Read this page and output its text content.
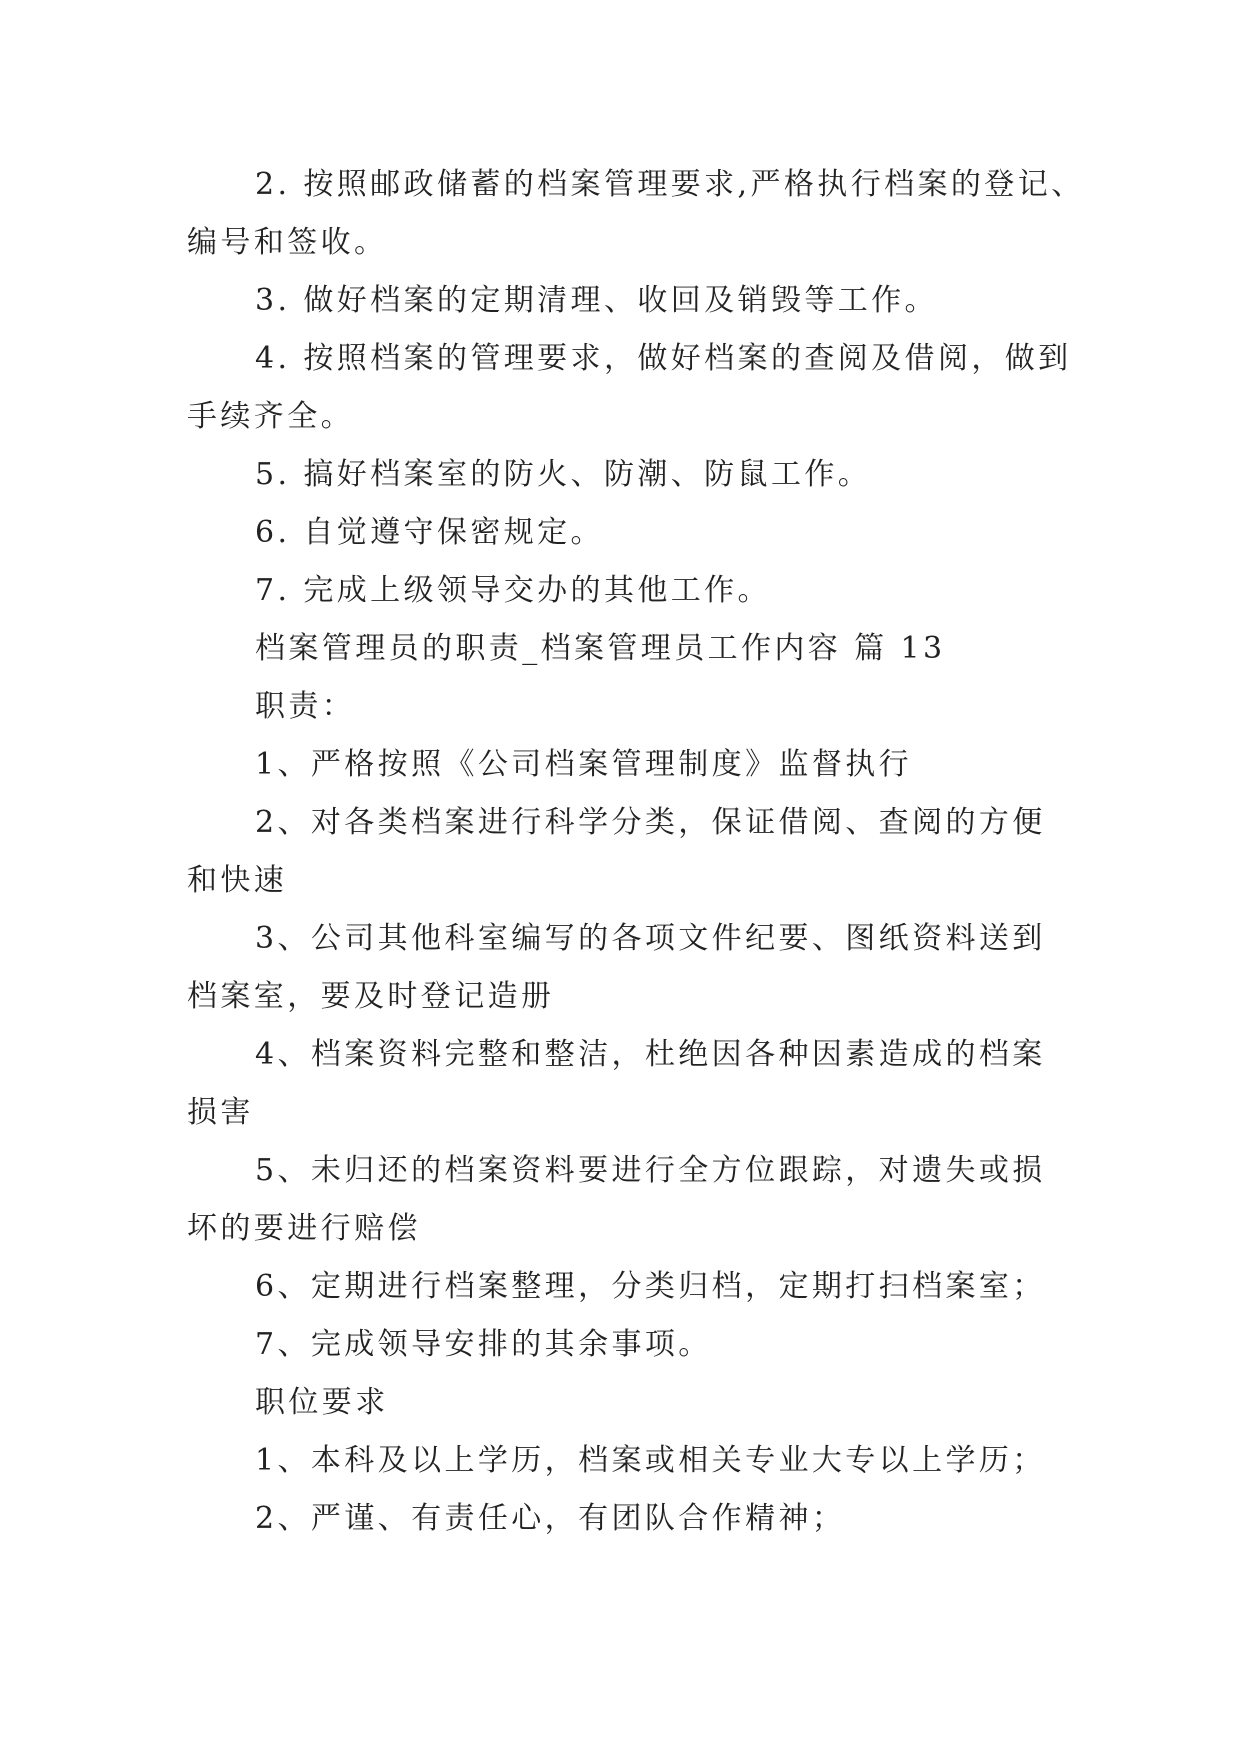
2. 按照邮政储蓄的档案管理要求,严格执行档案的登记、
编号和签收。
3. 做好档案的定期清理、收回及销毁等工作。
4. 按照档案的管理要求，做好档案的查阅及借阅，做到
手续齐全。
5. 搞好档案室的防火、防潮、防鼠工作。
6. 自觉遵守保密规定。
7. 完成上级领导交办的其他工作。
档案管理员的职责_档案管理员工作内容 篇 13
职责：
1、严格按照《公司档案管理制度》监督执行
2、对各类档案进行科学分类，保证借阅、查阅的方便
和快速
3、公司其他科室编写的各项文件纪要、图纸资料送到
档案室，要及时登记造册
4、档案资料完整和整洁，杜绝因各种因素造成的档案
损害
5、未归还的档案资料要进行全方位跟踪，对遗失或损
坏的要进行赔偿
6、定期进行档案整理，分类归档，定期打扫档案室；
7、完成领导安排的其余事项。
职位要求
1、本科及以上学历，档案或相关专业大专以上学历；
2、严谨、有责任心，有团队合作精神；
